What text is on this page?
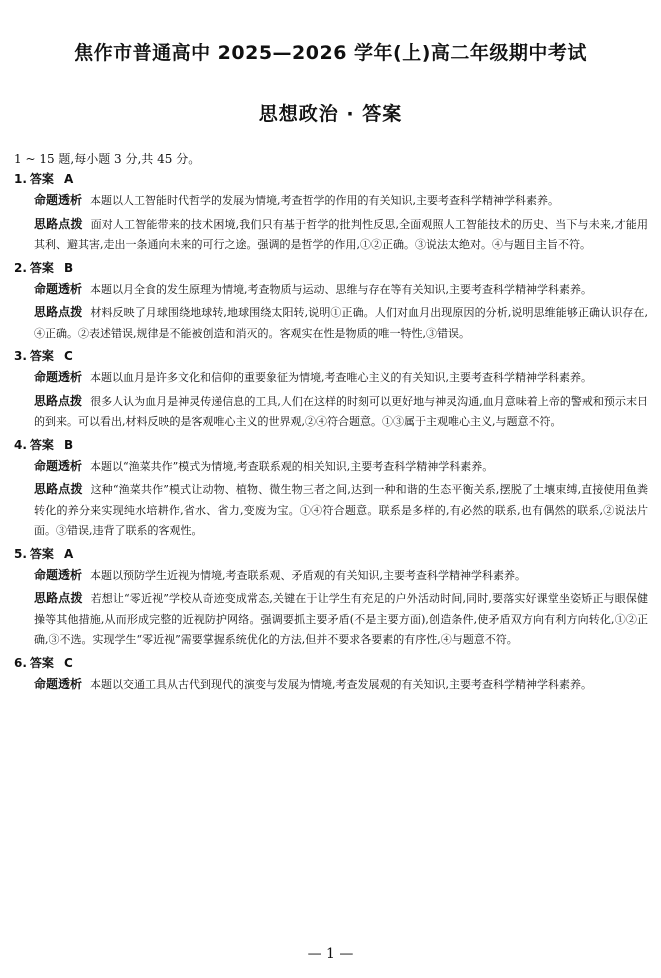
焦作市普通高中 2025—2026 学年(上)高二年级期中考试
思想政治 · 答案
1 ~ 15 题,每小题 3 分,共 45 分。
1. 答案 A
命题透析 本题以人工智能时代哲学的发展为情境,考查哲学的作用的有关知识,主要考查科学精神学科素养。
思路点拨 面对人工智能带来的技术困境,我们只有基于哲学的批判性反思,全面观照人工智能技术的历史、当下与未来,才能用其利、避其害,走出一条通向未来的可行之途。强调的是哲学的作用,①②正确。③说法太绝对。④与题目主旨不符。
2. 答案 B
命题透析 本题以月全食的发生原理为情境,考查物质与运动、思维与存在等有关知识,主要考查科学精神学科素养。
思路点拨 材料反映了月球围绕地球转,地球围绕太阳转,说明①正确。人们对血月出现原因的分析,说明思维能够正确认识存在,④正确。②表述错误,规律是不能被创造和消灭的。客观实在性是物质的唯一特性,③错误。
3. 答案 C
命题透析 本题以血月是许多文化和信仰的重要象征为情境,考查唯心主义的有关知识,主要考查科学精神学科素养。
思路点拨 很多人认为血月是神灵传递信息的工具,人们在这样的时刻可以更好地与神灵沟通,血月意味着上帝的警戒和预示末日的到来。可以看出,材料反映的是客观唯心主义的世界观,②④符合题意。①③属于主观唯心主义,与题意不符。
4. 答案 B
命题透析 本题以“渔菜共作”模式为情境,考查联系观的相关知识,主要考查科学精神学科素养。
思路点拨 这种“渔菜共作”模式让动物、植物、微生物三者之间,达到一种和谐的生态平衡关系,摆脱了土壤束缚,直接使用鱼粪转化的养分来实现纯水培耕作,省水、省力,变废为宝。①④符合题意。联系是多样的,有必然的联系,也有偶然的联系,②说法片面。③错误,违背了联系的客观性。
5. 答案 A
命题透析 本题以预防学生近视为情境,考查联系观、矛盾观的有关知识,主要考查科学精神学科素养。
思路点拨 若想让“零近视”学校从奇迹变成常态,关键在于让学生有充足的户外活动时间,同时,要落实好课堂坐姿矫正与眼保健操等其他措施,从而形成完整的近视防护网络。强调要抓主要矛盾(不是主要方面),创造条件,使矛盾双方向有利方向转化,①②正确,③不选。实现学生“零近视”需要掌握系统优化的方法,但并不要求各要素的有序性,④与题意不符。
6. 答案 C
命题透析 本题以交通工具从古代到现代的演变与发展为情境,考查发展观的有关知识,主要考查科学精神学科素养。
— 1 —
